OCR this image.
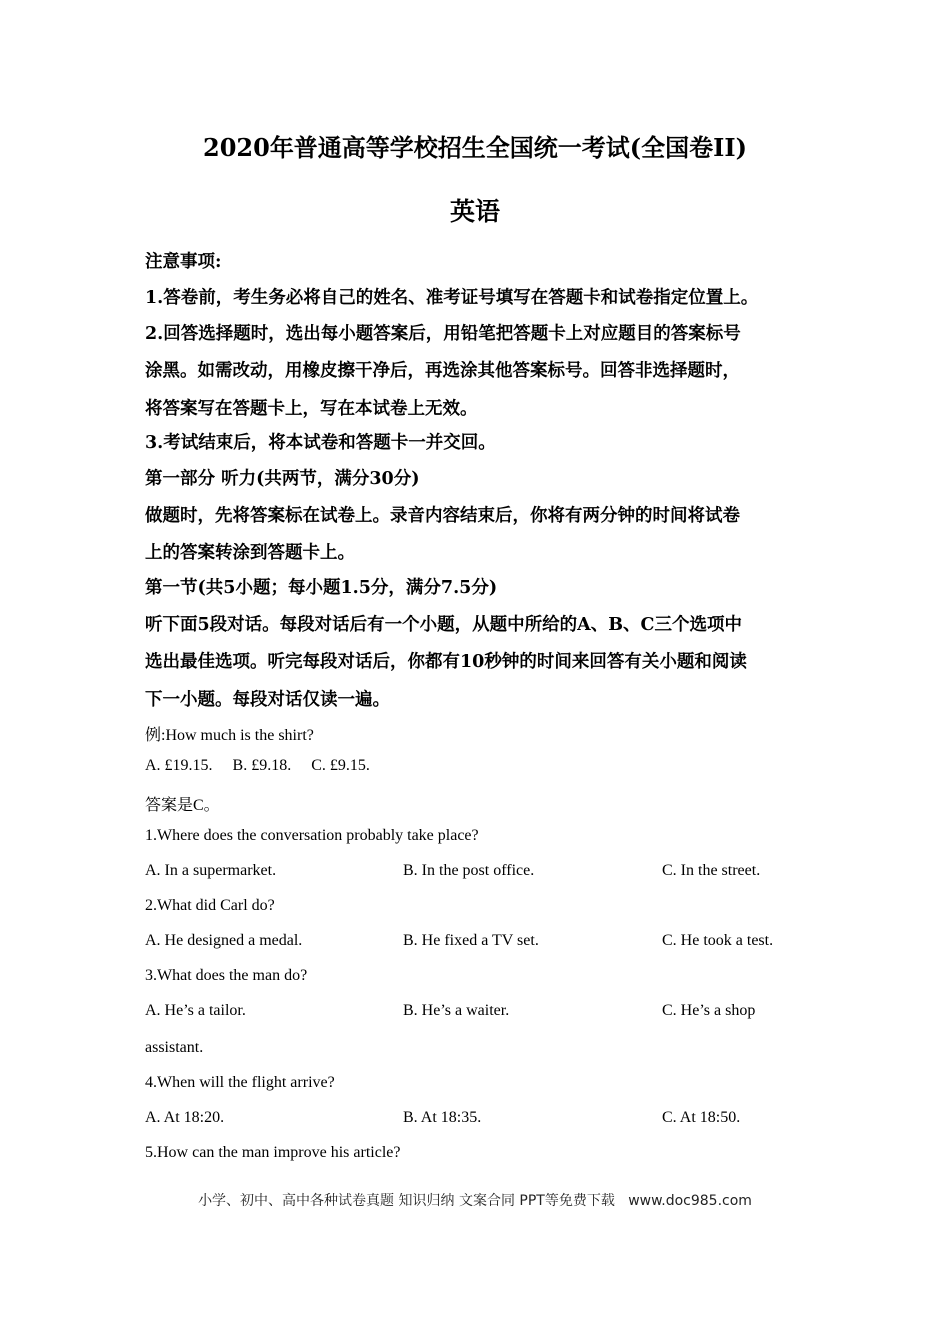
2020年普通高等学校招生全国统一考试(全国卷II)
英语
注意事项:
1.答卷前，考生务必将自己的姓名、准考证号填写在答题卡和试卷指定位置上。
2.回答选择题时，选出每小题答案后，用铅笔把答题卡上对应题目的答案标号
涂黑。如需改动，用橡皮擦干净后，再选涂其他答案标号。回答非选择题时，
将答案写在答题卡上，写在本试卷上无效。
3.考试结束后，将本试卷和答题卡一并交回。
第一部分 听力(共两节，满分30分)
做题时，先将答案标在试卷上。录音内容结束后，你将有两分钟的时间将试卷
上的答案转涂到答题卡上。
第一节(共5小题；每小题1.5分，满分7.5分)
听下面5段对话。每段对话后有一个小题，从题中所给的A、B、C三个选项中
选出最佳选项。听完每段对话后，你都有10秒钟的时间来回答有关小题和阅读
下一小题。每段对话仅读一遍。
例:How much is the shirt?
A. £19.15.     B. £9.18.     C. £9.15.
答案是C。
1.Where does the conversation probably take place?
A. In a supermarket.	B. In the post office.	C. In the street.
2.What did Carl do?
A. He designed a medal.	B. He fixed a TV set.	C. He took a test.
3.What does the man do?
A. He’s a tailor.	B. He’s a waiter.	C. He’s a shop
assistant.
4.When will the flight arrive?
A. At 18:20.	B. At 18:35.	C. At 18:50.
5.How can the man improve his article?
小学、初中、高中各种试卷真题 知识归纳 文案合同 PPT等免费下载   www.doc985.com
